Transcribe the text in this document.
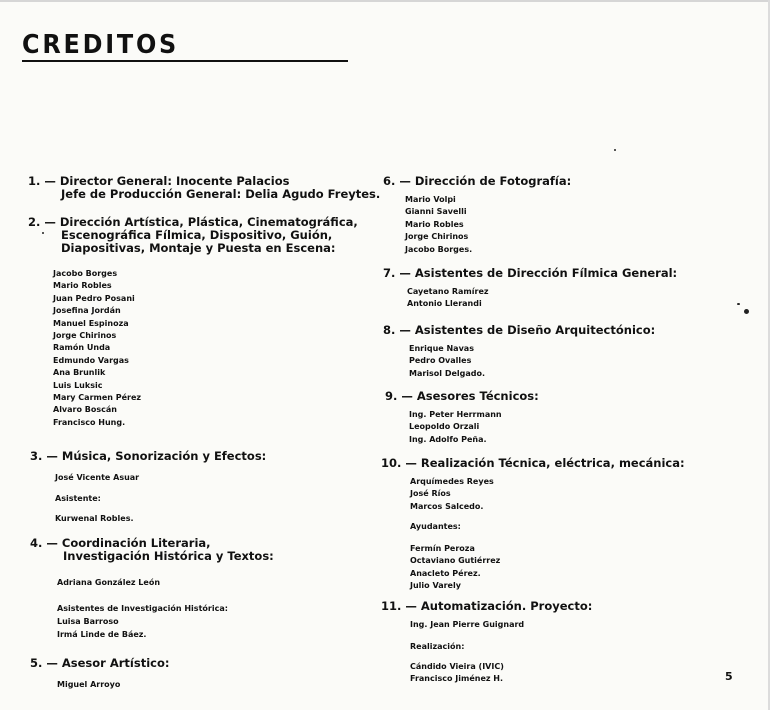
CREDITOS
1. — Director General: Inocente Palacios
Jefe de Producción General: Delia Agudo Freytes.
2. — Dirección Artística, Plástica, Cinematográfica,
Escenográfica Fílmica, Dispositivo, Guión,
Diapositivas, Montaje y Puesta en Escena:
Jacobo Borges
Mario Robles
Juan Pedro Posani
Josefina Jordán
Manuel Espinoza
Jorge Chirinos
Ramón Unda
Edmundo Vargas
Ana Brunlik
Luis Luksic
Mary Carmen Pérez
Alvaro Boscán
Francisco Hung.
3. — Música, Sonorización y Efectos:
José Vicente Asuar
Asistente:
Kurwenal Robles.
4. — Coordinación Literaria,
Investigación Histórica y Textos:
Adriana González León
Asistentes de Investigación Histórica:
Luisa Barroso
Irmá Linde de Báez.
5. — Asesor Artístico:
Miguel Arroyo
6. — Dirección de Fotografía:
Mario Volpi
Gianni Savelli
Mario Robles
Jorge Chirinos
Jacobo Borges.
7. — Asistentes de Dirección Fílmica General:
Cayetano Ramírez
Antonio Llerandi
8. — Asistentes de Diseño Arquitectónico:
Enrique Navas
Pedro Ovalles
Marisol Delgado.
9. — Asesores Técnicos:
Ing. Peter Herrmann
Leopoldo Orzali
Ing. Adolfo Peña.
10. — Realización Técnica, eléctrica, mecánica:
Arquímedes Reyes
José Ríos
Marcos Salcedo.
Ayudantes:
Fermín Peroza
Octaviano Gutiérrez
Anacleto Pérez.
Julio Varely
11. — Automatización. Proyecto:
Ing. Jean Pierre Guignard
Realización:
Cándido Vieira (IVIC)
Francisco Jiménez H.	5
